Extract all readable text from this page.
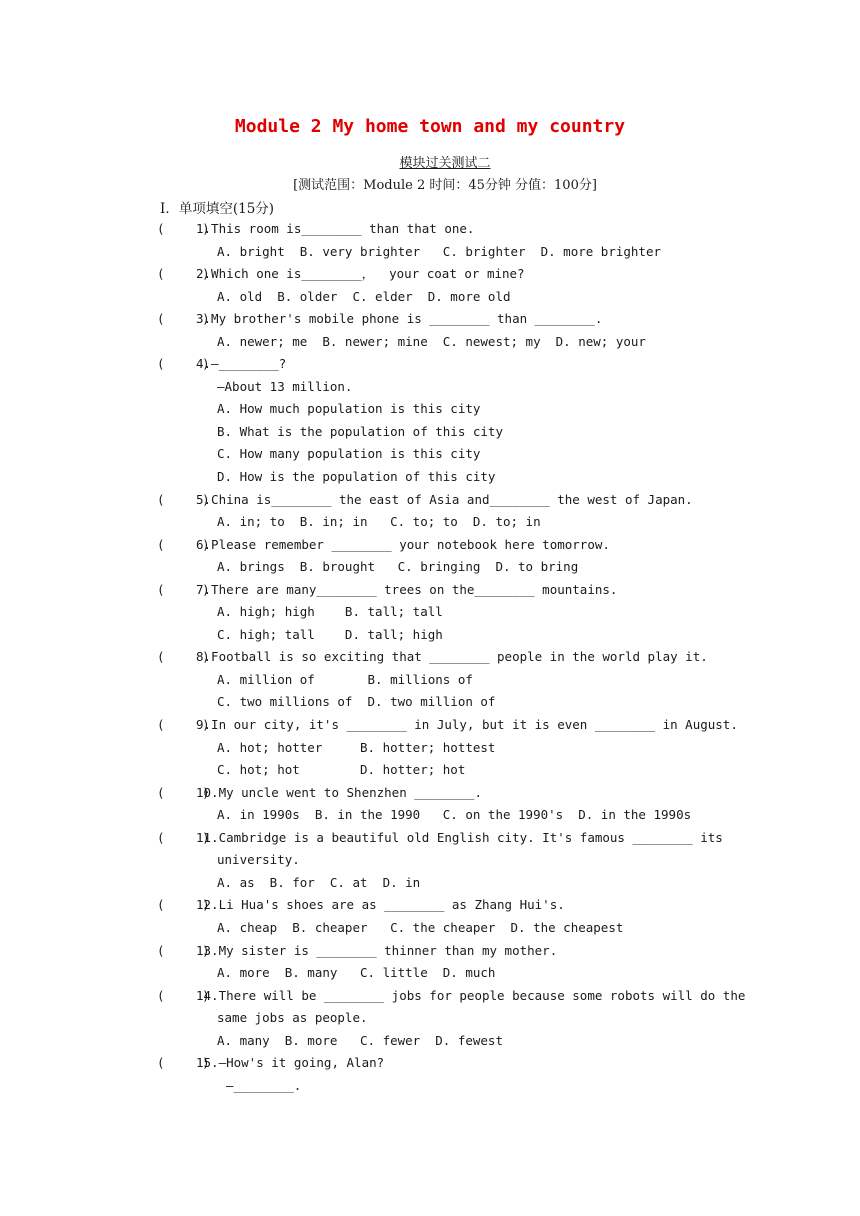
Module 2 My home town and my country
模块过关测试二
[测试范围：Module 2 时间：45分钟 分值：100分]
Ⅰ．单项填空(15分)
(     )
1.This room is________ than that one.
A. bright  B. very brighter   C. brighter  D. more brighter
(     )
2.Which one is________，  your coat or mine?
A. old  B. older  C. elder  D. more old
(     )
3.My brother's mobile phone is ________ than ________.
A. newer; me  B. newer; mine  C. newest; my  D. new; your
(     )
4.—________?
—About 13 million.
A. How much population is this city
B. What is the population of this city
C. How many population is this city
D. How is the population of this city
(     )
5.China is________ the east of Asia and________ the west of Japan.
A. in; to  B. in; in   C. to; to  D. to; in
(     )
6.Please remember ________ your notebook here tomorrow.
A. brings  B. brought   C. bringing  D. to bring
(     )
7.There are many________ trees on the________ mountains.
A. high; high    B. tall; tall
C. high; tall    D. tall; high
(     )
8.Football is so exciting that ________ people in the world play it.
A. million of       B. millions of
C. two millions of  D. two million of
(     )
9.In our city, it's ________ in July, but it is even ________ in August.
A. hot; hotter     B. hotter; hottest
C. hot; hot        D. hotter; hot
(     )
10.My uncle went to Shenzhen ________.
A. in 1990s  B. in the 1990   C. on the 1990's  D. in the 1990s
(     )
11.Cambridge is a beautiful old English city. It's famous ________ its
university.
A. as  B. for  C. at  D. in
(     )
12.Li Hua's shoes are as ________ as Zhang Hui's.
A. cheap  B. cheaper   C. the cheaper  D. the cheapest
(     )
13.My sister is ________ thinner than my mother.
A. more  B. many   C. little  D. much
(     )
14.There will be ________ jobs for people because some robots will do the
same jobs as people.
A. many  B. more   C. fewer  D. fewest
(     )
15.—How's it going, Alan?
—________.
